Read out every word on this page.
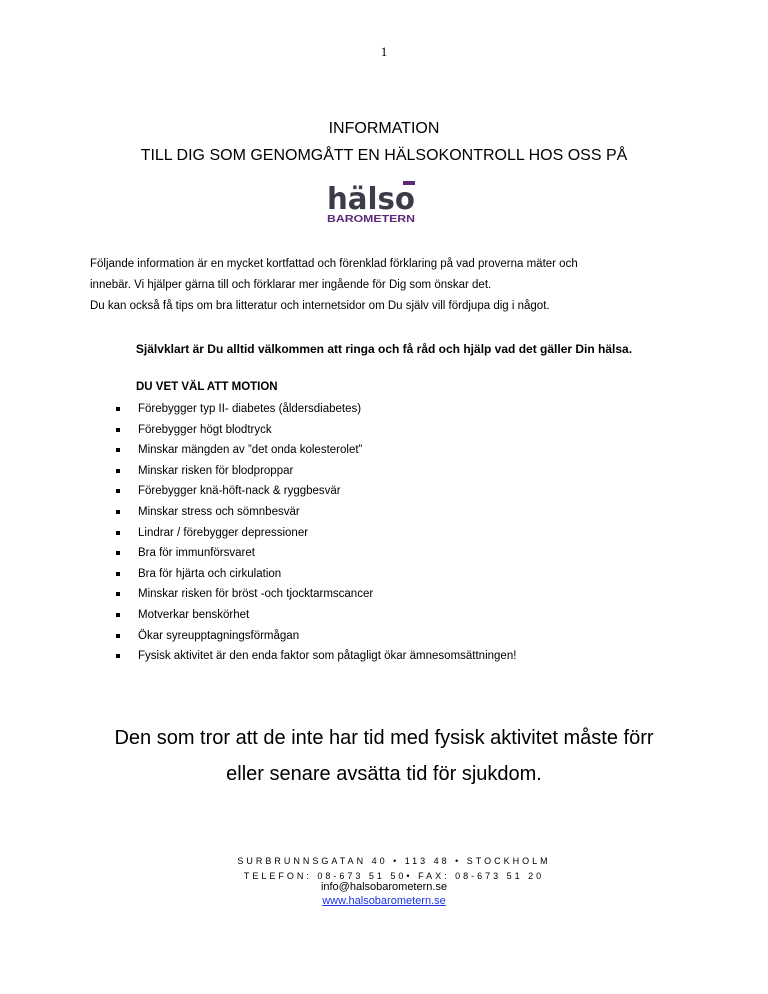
1
INFORMATION
TILL DIG SOM GENOMGÅTT EN HÄLSOKONTROLL HOS OSS PÅ
hälso
BAROMETERN
Följande information är en mycket kortfattad och förenklad förklaring på vad proverna mäter och
innebär. Vi hjälper gärna till och förklarar mer ingående för Dig som önskar det.
Du kan också få tips om bra litteratur och internetsidor om Du själv vill fördjupa dig i något.
Självklart är Du alltid välkommen att ringa och få råd och hjälp vad det gäller Din hälsa.
DU VET VÄL ATT MOTION
Förebygger typ II- diabetes (åldersdiabetes)
Förebygger högt blodtryck
Minskar mängden av ”det onda kolesterolet”
Minskar risken för blodproppar
Förebygger knä-höft-nack & ryggbesvär
Minskar stress och sömnbesvär
Lindrar / förebygger depressioner
Bra för immunförsvaret
Bra för hjärta och cirkulation
Minskar risken för bröst -och tjocktarmscancer
Motverkar benskörhet
Ökar syreupptagningsförmågan
Fysisk aktivitet är den enda faktor som påtagligt ökar ämnesomsättningen!
Den som tror att de inte har tid med fysisk aktivitet måste förr
eller senare avsätta tid för sjukdom.
SURBRUNNSGATAN 40 • 113 48 • STOCKHOLM
TELEFON: 08-673 51 50• FAX: 08-673 51 20
info@halsobarometern.se
www.halsobarometern.se
